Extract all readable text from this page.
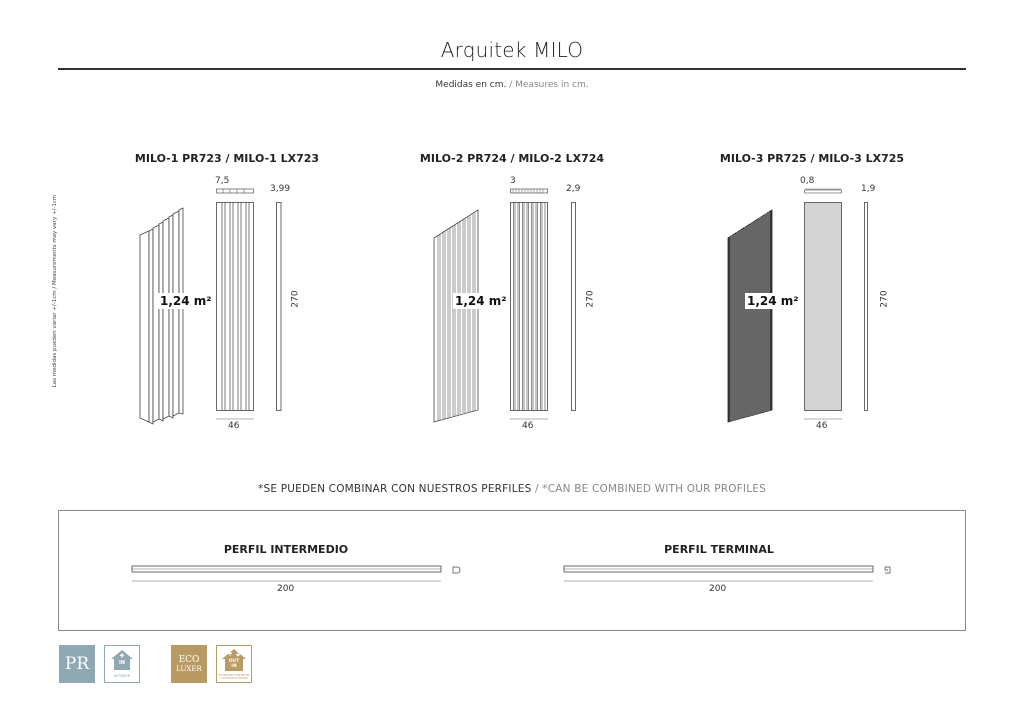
Arquitek MILO
Medidas en cm. / Measures in cm.
Las medidas pueden variar +/-1cm / Measurements may vary +/-1cm
MILO-1 PR723 / MILO-1 LX723
1,24 m²
7,5
46
3,99
270
MILO-2 PR724 / MILO-2 LX724
1,24 m²
3
46
2,9
270
MILO-3 PR725 / MILO-3 LX725
1,24 m²
0,8
46
1,9
270
*SE PUEDEN COMBINAR CON NUESTROS PERFILES / *CAN BE COMBINED WITH OUR PROFILES
PERFIL INTERMEDIO
200
PERFIL TERMINAL
200
PR	IN
INTERIOR
ECO
LUXER
OUT IN
EXTERIOR E INTERIOR / OUTSIDE & INSIDE
